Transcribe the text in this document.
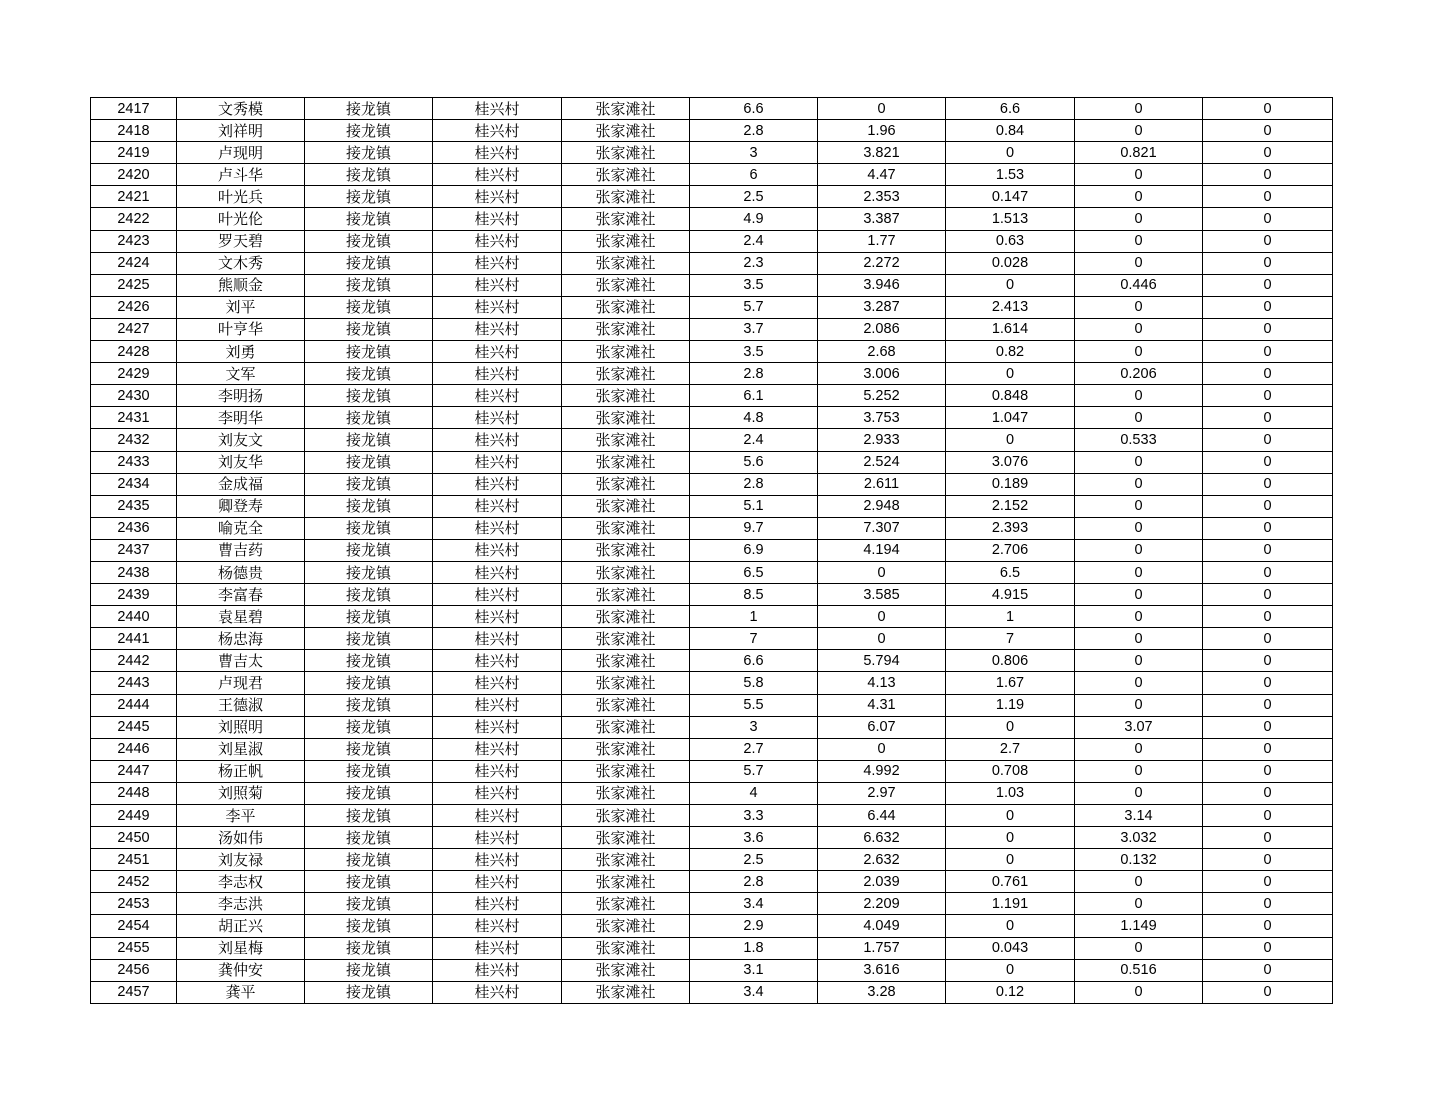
2417	文秀模	接龙镇	桂兴村	张家滩社	6.6	0	6.6	0	0
2418	刘祥明	接龙镇	桂兴村	张家滩社	2.8	1.96	0.84	0	0
2419	卢现明	接龙镇	桂兴村	张家滩社	3	3.821	0	0.821	0
2420	卢斗华	接龙镇	桂兴村	张家滩社	6	4.47	1.53	0	0
2421	叶光兵	接龙镇	桂兴村	张家滩社	2.5	2.353	0.147	0	0
2422	叶光伦	接龙镇	桂兴村	张家滩社	4.9	3.387	1.513	0	0
2423	罗天碧	接龙镇	桂兴村	张家滩社	2.4	1.77	0.63	0	0
2424	文木秀	接龙镇	桂兴村	张家滩社	2.3	2.272	0.028	0	0
2425	熊顺金	接龙镇	桂兴村	张家滩社	3.5	3.946	0	0.446	0
2426	刘平	接龙镇	桂兴村	张家滩社	5.7	3.287	2.413	0	0
2427	叶亨华	接龙镇	桂兴村	张家滩社	3.7	2.086	1.614	0	0
2428	刘勇	接龙镇	桂兴村	张家滩社	3.5	2.68	0.82	0	0
2429	文军	接龙镇	桂兴村	张家滩社	2.8	3.006	0	0.206	0
2430	李明扬	接龙镇	桂兴村	张家滩社	6.1	5.252	0.848	0	0
2431	李明华	接龙镇	桂兴村	张家滩社	4.8	3.753	1.047	0	0
2432	刘友文	接龙镇	桂兴村	张家滩社	2.4	2.933	0	0.533	0
2433	刘友华	接龙镇	桂兴村	张家滩社	5.6	2.524	3.076	0	0
2434	金成福	接龙镇	桂兴村	张家滩社	2.8	2.611	0.189	0	0
2435	卿登寿	接龙镇	桂兴村	张家滩社	5.1	2.948	2.152	0	0
2436	喻克全	接龙镇	桂兴村	张家滩社	9.7	7.307	2.393	0	0
2437	曹吉药	接龙镇	桂兴村	张家滩社	6.9	4.194	2.706	0	0
2438	杨德贵	接龙镇	桂兴村	张家滩社	6.5	0	6.5	0	0
2439	李富春	接龙镇	桂兴村	张家滩社	8.5	3.585	4.915	0	0
2440	袁星碧	接龙镇	桂兴村	张家滩社	1	0	1	0	0
2441	杨忠海	接龙镇	桂兴村	张家滩社	7	0	7	0	0
2442	曹吉太	接龙镇	桂兴村	张家滩社	6.6	5.794	0.806	0	0
2443	卢现君	接龙镇	桂兴村	张家滩社	5.8	4.13	1.67	0	0
2444	王德淑	接龙镇	桂兴村	张家滩社	5.5	4.31	1.19	0	0
2445	刘照明	接龙镇	桂兴村	张家滩社	3	6.07	0	3.07	0
2446	刘星淑	接龙镇	桂兴村	张家滩社	2.7	0	2.7	0	0
2447	杨正帆	接龙镇	桂兴村	张家滩社	5.7	4.992	0.708	0	0
2448	刘照菊	接龙镇	桂兴村	张家滩社	4	2.97	1.03	0	0
2449	李平	接龙镇	桂兴村	张家滩社	3.3	6.44	0	3.14	0
2450	汤如伟	接龙镇	桂兴村	张家滩社	3.6	6.632	0	3.032	0
2451	刘友禄	接龙镇	桂兴村	张家滩社	2.5	2.632	0	0.132	0
2452	李志权	接龙镇	桂兴村	张家滩社	2.8	2.039	0.761	0	0
2453	李志洪	接龙镇	桂兴村	张家滩社	3.4	2.209	1.191	0	0
2454	胡正兴	接龙镇	桂兴村	张家滩社	2.9	4.049	0	1.149	0
2455	刘星梅	接龙镇	桂兴村	张家滩社	1.8	1.757	0.043	0	0
2456	龚仲安	接龙镇	桂兴村	张家滩社	3.1	3.616	0	0.516	0
2457	龚平	接龙镇	桂兴村	张家滩社	3.4	3.28	0.12	0	0
